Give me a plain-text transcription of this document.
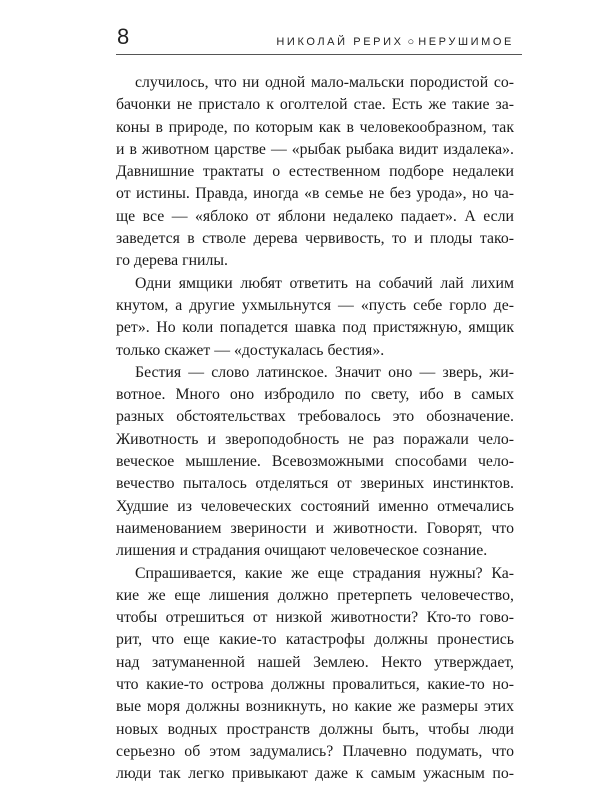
8	НИКОЛАЙ РЕРИХ ○ НЕРУШИМОЕ

случилось, что ни одной мало-мальски породистой со-
бачонки не пристало к оголтелой стае. Есть же такие за-
коны в природе, по которым как в человекообразном, так
и в животном царстве — «рыбак рыбака видит издалека».
Давнишние трактаты о естественном подборе недалеки
от истины. Правда, иногда «в семье не без урода», но ча-
ще все — «яблоко от яблони недалеко падает». А если
заведется в стволе дерева червивость, то и плоды тако-
го дерева гнилы.

Одни ямщики любят ответить на собачий лай лихим
кнутом, а другие ухмыльнутся — «пусть себе горло де-
рет». Но коли попадется шавка под пристяжную, ямщик
только скажет — «достукалась бестия».

Бестия — слово латинское. Значит оно — зверь, жи-
вотное. Много оно избродило по свету, ибо в самых
разных обстоятельствах требовалось это обозначение.
Животность и звероподобность не раз поражали чело-
веческое мышление. Всевозможными способами чело-
вечество пыталось отделяться от звериных инстинктов.
Худшие из человеческих состояний именно отмечались
наименованием звериности и животности. Говорят, что
лишения и страдания очищают человеческое сознание.

Спрашивается, какие же еще страдания нужны? Ка-
кие же еще лишения должно претерпеть человечество,
чтобы отрешиться от низкой животности? Кто-то гово-
рит, что еще какие-то катастрофы должны пронестись
над затуманенной нашей Землею. Некто утверждает,
что какие-то острова должны провалиться, какие-то но-
вые моря должны возникнуть, но какие же размеры этих
новых водных пространств должны быть, чтобы люди
серьезно об этом задумались? Плачевно подумать, что
люди так легко привыкают даже к самым ужасным по-
